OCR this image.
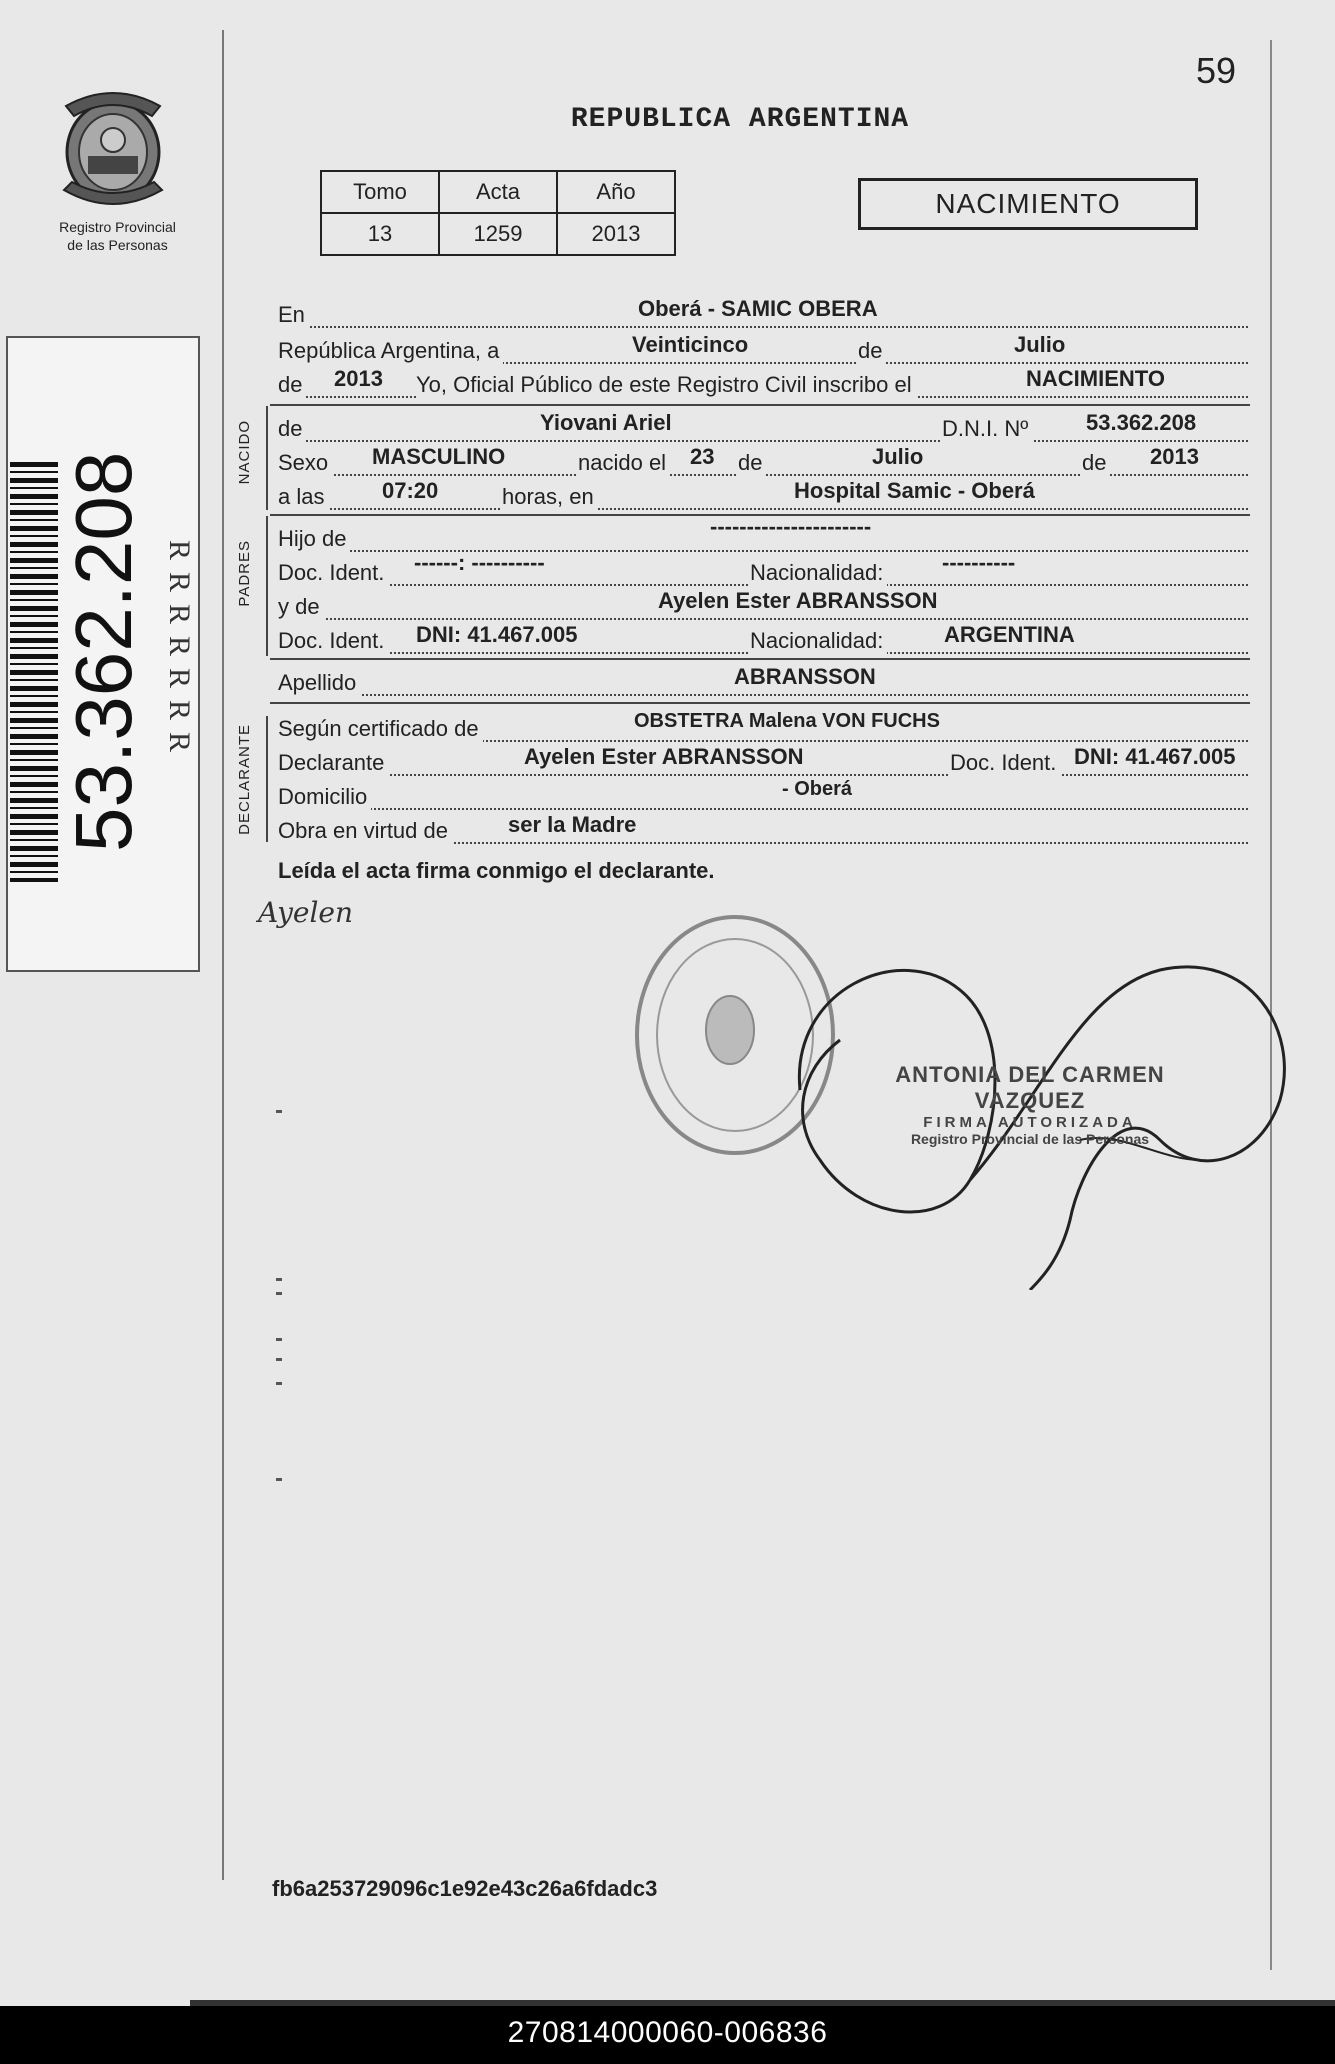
59
REPUBLICA ARGENTINA
Registro Provincial
de las Personas
RRRRRRR
53.362.208
Tomo	Acta	Año
13	1259	2013
NACIMIENTO
En	Oberá - SAMIC OBERA
República Argentina, a	Veinticinco	de	Julio
de 2013 Yo, Oficial Público de este Registro Civil inscribo el	NACIMIENTO
NACIDO de	Yiovani Ariel	D.N.I. Nº	53.362.208
Sexo MASCULINO	nacido el 23 de	Julio	de 2013
a las	07:20	horas, en	Hospital Samic - Oberá
PADRES
Hijo de	----------------------
Doc. Ident. ------: ----------	Nacionalidad:	----------
y de	Ayelen Ester ABRANSSON
Doc. Ident. DNI: 41.467.005	Nacionalidad:	ARGENTINA
Apellido	ABRANSSON
DECLARANTE Según certificado de	OBSTETRA Malena VON FUCHS
Declarante	Ayelen Ester ABRANSSON	Doc. Ident. DNI: 41.467.005
Domicilio	- Oberá
Obra en virtud de	ser la Madre
Leída el acta firma conmigo el declarante.
Ayelen
ANTONIA DEL CARMEN VAZQUEZ
FIRMA AUTORIZADA
Registro Provincial de las Personas
fb6a253729096c1e92e43c26a6fdadc3
270814000060-006836
